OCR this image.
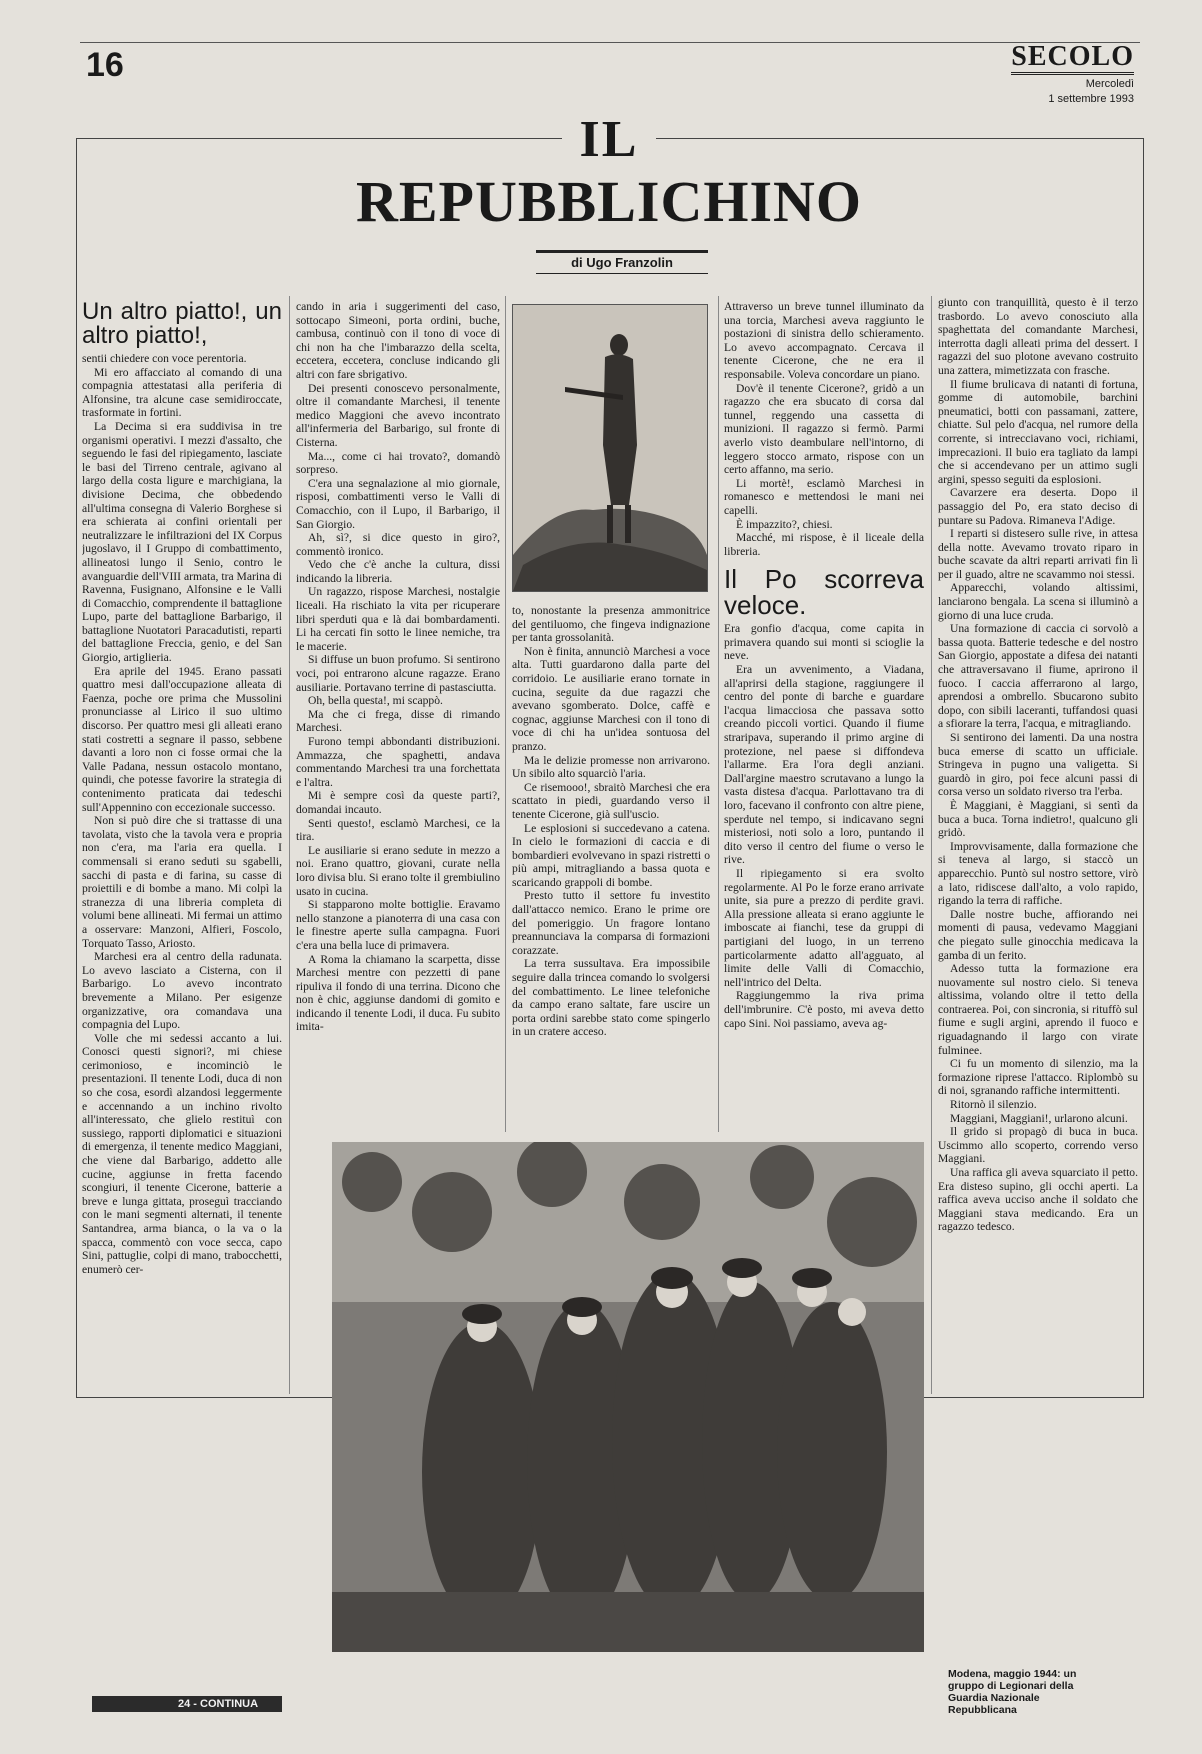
16	SECOLO
Mercoledì
1 settembre 1993
IL
REPUBBLICHINO
di Ugo Franzolin
Un altro piatto!, un altro piatto!,

sentii chiedere con voce perentoria.

Mi ero affacciato al comando di una compagnia attestatasi alla periferia di Alfonsine, tra alcune case semidiroccate, trasformate in fortini.

La Decima si era suddivisa in tre organismi operativi. I mezzi d'assalto, che seguendo le fasi del ripiegamento, lasciate le basi del Tirreno centrale, agivano al largo della costa ligure e marchigiana, la divisione Decima, che obbedendo all'ultima consegna di Valerio Borghese si era schierata ai confini orientali per neutralizzare le infiltrazioni del IX Corpus jugoslavo, il I Gruppo di combattimento, allineatosi lungo il Senio, contro le avanguardie dell'VIII armata, tra Marina di Ravenna, Fusignano, Alfonsine e le Valli di Comacchio, comprendente il battaglione Lupo, parte del battaglione Barbarigo, il battaglione Nuotatori Paracadutisti, reparti del battaglione Freccia, genio, e del San Giorgio, artiglieria.

Era aprile del 1945. Erano passati quattro mesi dall'occupazione alleata di Faenza, poche ore prima che Mussolini pronunciasse al Lirico il suo ultimo discorso. Per quattro mesi gli alleati erano stati costretti a segnare il passo, sebbene davanti a loro non ci fosse ormai che la Valle Padana, nessun ostacolo montano, quindi, che potesse favorire la strategia di contenimento praticata dai tedeschi sull'Appennino con eccezionale successo.

Non si può dire che si trattasse di una tavolata, visto che la tavola vera e propria non c'era, ma l'aria era quella. I commensali si erano seduti su sgabelli, sacchi di pasta e di farina, su casse di proiettili e di bombe a mano. Mi colpì la stranezza di una libreria completa di volumi bene allineati. Mi fermai un attimo a osservare: Manzoni, Alfieri, Foscolo, Torquato Tasso, Ariosto.

Marchesi era al centro della radunata. Lo avevo lasciato a Cisterna, con il Barbarigo. Lo avevo incontrato brevemente a Milano. Per esigenze organizzative, ora comandava una compagnia del Lupo.

Volle che mi sedessi accanto a lui. Conosci questi signori?, mi chiese cerimonioso, e incominciò le presentazioni. Il tenente Lodi, duca di non so che cosa, esordì alzandosi leggermente e accennando a un inchino rivolto all'interessato, che glielo restituì con sussiego, rapporti diplomatici e situazioni di emergenza, il tenente medico Maggiani, che viene dal Barbarigo, addetto alle cucine, aggiunse in fretta facendo scongiuri, il tenente Cicerone, batterie a breve e lunga gittata, proseguì tracciando con le mani segmenti alternati, il tenente Santandrea, arma bianca, o la va o la spacca, commentò con voce secca, capo Sini, pattuglie, colpi di mano, trabocchetti, enumerò cer-

cando in aria i suggerimenti del caso, sottocapo Simeoni, porta ordini, buche, cambusa, continuò con il tono di voce di chi non ha che l'imbarazzo della scelta, eccetera, eccetera, concluse indicando gli altri con fare sbrigativo.

Dei presenti conoscevo personalmente, oltre il comandante Marchesi, il tenente medico Maggioni che avevo incontrato all'infermeria del Barbarigo, sul fronte di Cisterna.

Ma..., come ci hai trovato?, domandò sorpreso.

C'era una segnalazione al mio giornale, risposi, combattimenti verso le Valli di Comacchio, con il Lupo, il Barbarigo, il San Giorgio.

Ah, sì?, si dice questo in giro?, commentò ironico.

Vedo che c'è anche la cultura, dissi indicando la libreria.

Un ragazzo, rispose Marchesi, nostalgie liceali. Ha rischiato la vita per ricuperare libri sperduti qua e là dai bombardamenti. Li ha cercati fin sotto le linee nemiche, tra le macerie.

Si diffuse un buon profumo. Si sentirono voci, poi entrarono alcune ragazze. Erano ausiliarie. Portavano terrine di pastasciutta.

Oh, bella questa!, mi scappò.

Ma che ci frega, disse di rimando Marchesi.

Furono tempi abbondanti distribuzioni. Ammazza, che spaghetti, andava commentando Marchesi tra una forchettata e l'altra.

Mi è sempre così da queste parti?, domandai incauto.

Senti questo!, esclamò Marchesi, ce la tira.

Le ausiliarie si erano sedute in mezzo a noi. Erano quattro, giovani, curate nella loro divisa blu. Si erano tolte il grembiulino usato in cucina.

Si stapparono molte bottiglie. Eravamo nello stanzone a pianoterra di una casa con le finestre aperte sulla campagna. Fuori c'era una bella luce di primavera.

A Roma la chiamano la scarpetta, disse Marchesi mentre con pezzetti di pane ripuliva il fondo di una terrina. Dicono che non è chic, aggiunse dandomi di gomito e indicando il tenente Lodi, il duca. Fu subito imita-

to, nonostante la presenza ammonitrice del gentiluomo, che fingeva indignazione per tanta grossolanità.

Non è finita, annunciò Marchesi a voce alta. Tutti guardarono dalla parte del corridoio. Le ausiliarie erano tornate in cucina, seguite da due ragazzi che avevano sgomberato. Dolce, caffè e cognac, aggiunse Marchesi con il tono di voce di chi ha un'idea sontuosa del pranzo.

Ma le delizie promesse non arrivarono. Un sibilo alto squarciò l'aria.

Ce risemooo!, sbraitò Marchesi che era scattato in piedi, guardando verso il tenente Cicerone, già sull'uscio.

Le esplosioni si succedevano a catena. In cielo le formazioni di caccia e di bombardieri evolvevano in spazi ristretti o più ampi, mitragliando a bassa quota e scaricando grappoli di bombe.

Presto tutto il settore fu investito dall'attacco nemico. Erano le prime ore del pomeriggio. Un fragore lontano preannunciava la comparsa di formazioni corazzate.

La terra sussultava. Era impossibile seguire dalla trincea comando lo svolgersi del combattimento. Le linee telefoniche da campo erano saltate, fare uscire un porta ordini sarebbe stato come spingerlo in un cratere acceso.

Attraverso un breve tunnel illuminato da una torcia, Marchesi aveva raggiunto le postazioni di sinistra dello schieramento. Lo avevo accompagnato. Cercava il tenente Cicerone, che ne era il responsabile. Voleva concordare un piano.

Dov'è il tenente Cicerone?, gridò a un ragazzo che era sbucato di corsa dal tunnel, reggendo una cassetta di munizioni. Il ragazzo si fermò. Parmi averlo visto deambulare nell'intorno, di leggero stocco armato, rispose con un certo affanno, ma serio.

Li mortè!, esclamò Marchesi in romanesco e mettendosi le mani nei capelli.

È impazzito?, chiesi.

Macché, mi rispose, è il liceale della libreria.

Il Po scorreva veloce.

Era gonfio d'acqua, come capita in primavera quando sui monti si scioglie la neve.

Era un avvenimento, a Viadana, all'aprirsi della stagione, raggiungere il centro del ponte di barche e guardare l'acqua limacciosa che passava sotto creando piccoli vortici. Quando il fiume straripava, superando il primo argine di protezione, nel paese si diffondeva l'allarme. Era l'ora degli anziani. Dall'argine maestro scrutavano a lungo la vasta distesa d'acqua. Parlottavano tra di loro, facevano il confronto con altre piene, sperdute nel tempo, si indicavano segni misteriosi, noti solo a loro, puntando il dito verso il centro del fiume o verso le rive.

Il ripiegamento si era svolto regolarmente. Al Po le forze erano arrivate unite, sia pure a prezzo di perdite gravi. Alla pressione alleata si erano aggiunte le imboscate ai fianchi, tese da gruppi di partigiani del luogo, in un terreno particolarmente adatto all'agguato, al limite delle Valli di Comacchio, nell'intrico del Delta.

Raggiungemmo la riva prima dell'imbrunire. C'è posto, mi aveva detto capo Sini. Noi passiamo, aveva ag-

giunto con tranquillità, questo è il terzo trasbordo. Lo avevo conosciuto alla spaghettata del comandante Marchesi, interrotta dagli alleati prima del dessert. I ragazzi del suo plotone avevano costruito una zattera, mimetizzata con frasche.

Il fiume brulicava di natanti di fortuna, gomme di automobile, barchini pneumatici, botti con passamani, zattere, chiatte. Sul pelo d'acqua, nel rumore della corrente, si intrecciavano voci, richiami, imprecazioni. Il buio era tagliato da lampi che si accendevano per un attimo sugli argini, spesso seguiti da esplosioni.

Cavarzere era deserta. Dopo il passaggio del Po, era stato deciso di puntare su Padova. Rimaneva l'Adige.

I reparti si distesero sulle rive, in attesa della notte. Avevamo trovato riparo in buche scavate da altri reparti arrivati fin lì per il guado, altre ne scavammo noi stessi.

Apparecchi, volando altissimi, lanciarono bengala. La scena si illuminò a giorno di una luce cruda.

Una formazione di caccia ci sorvolò a bassa quota. Batterie tedesche e del nostro San Giorgio, appostate a difesa dei natanti che attraversavano il fiume, aprirono il fuoco. I caccia afferrarono al largo, aprendosi a ombrello. Sbucarono subito dopo, con sibili laceranti, tuffandosi quasi a sfiorare la terra, l'acqua, e mitragliando.

Si sentirono dei lamenti. Da una nostra buca emerse di scatto un ufficiale. Stringeva in pugno una valigetta. Si guardò in giro, poi fece alcuni passi di corsa verso un soldato riverso tra l'erba.

È Maggiani, è Maggiani, si sentì da buca a buca. Torna indietro!, qualcuno gli gridò.

Improvvisamente, dalla formazione che si teneva al largo, si staccò un apparecchio. Puntò sul nostro settore, virò a lato, ridiscese dall'alto, a volo rapido, rigando la terra di raffiche.

Dalle nostre buche, affiorando nei momenti di pausa, vedevamo Maggiani che piegato sulle ginocchia medicava la gamba di un ferito.

Adesso tutta la formazione era nuovamente sul nostro cielo. Si teneva altissima, volando oltre il tetto della contraerea. Poi, con sincronia, si rituffò sul fiume e sugli argini, aprendo il fuoco e riguadagnando il largo con virate fulminee.

Ci fu un momento di silenzio, ma la formazione riprese l'attacco. Riplombò su di noi, sgranando raffiche intermittenti.

Ritornò il silenzio.

Maggiani, Maggiani!, urlarono alcuni.

Il grido si propagò di buca in buca. Uscimmo allo scoperto, correndo verso Maggiani.

Una raffica gli aveva squarciato il petto. Era disteso supino, gli occhi aperti. La raffica aveva ucciso anche il soldato che Maggiani stava medicando. Era un ragazzo tedesco.

Modena, maggio 1944: un gruppo di Legionari della Guardia Nazionale Repubblicana
24 - CONTINUA
